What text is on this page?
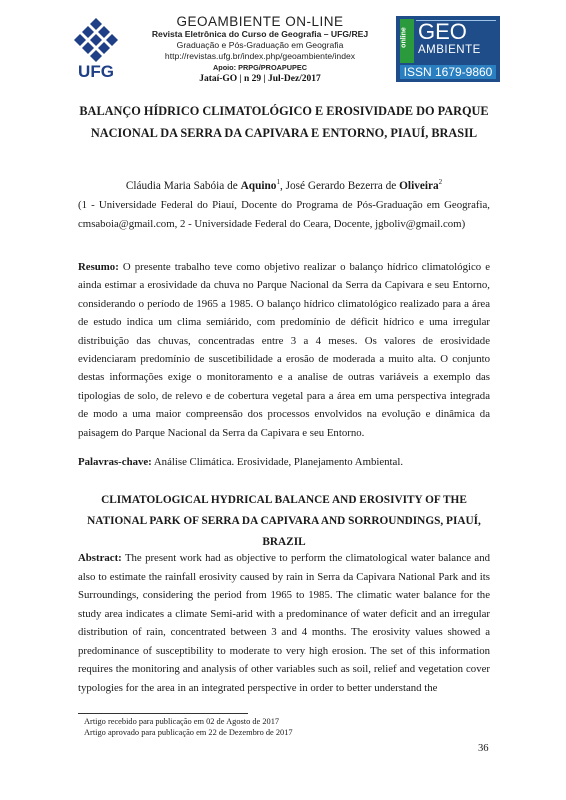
UFG
GEOAMBIENTE ON-LINE
Revista Eletrônica do Curso de Geografia – UFG/REJ
Graduação e Pós-Graduação em Geografia
http://revistas.ufg.br/index.php/geoambiente/index
Apoio: PRPG/PROAPUPEC
Jataí-GO | n 29 | Jul-Dez/2017
online GEO
AMBIENTE
ISSN 1679-9860
BALANÇO HÍDRICO CLIMATOLÓGICO E EROSIVIDADE DO PARQUE NACIONAL DA SERRA DA CAPIVARA E ENTORNO, PIAUÍ, BRASIL
Cláudia Maria Sabóia de Aquino$^1$, José Gerardo Bezerra de Oliveira$^2$
(1 - Universidade Federal do Piauí, Docente do Programa de Pós-Graduação em Geografia, cmsaboia@gmail.com, 2 - Universidade Federal do Ceara, Docente, jgboliv@gmail.com)
Resumo: O presente trabalho teve como objetivo realizar o balanço hídrico climatológico e ainda estimar a erosividade da chuva no Parque Nacional da Serra da Capivara e seu Entorno, considerando o período de 1965 a 1985. O balanço hídrico climatológico realizado para a área de estudo indica um clima semiárido, com predomínio de déficit hídrico e uma irregular distribuição das chuvas, concentradas entre 3 a 4 meses. Os valores de erosividade evidenciaram predomínio de suscetibilidade a erosão de moderada a muito alta. O conjunto destas informações exige o monitoramento e a analise de outras variáveis a exemplo das tipologias de solo, de relevo e de cobertura vegetal para a área em uma perspectiva integrada de modo a uma maior compreensão dos processos envolvidos na evolução e dinâmica da paisagem do Parque Nacional da Serra da Capivara e seu Entorno.
Palavras-chave: Análise Climática. Erosividade, Planejamento Ambiental.
CLIMATOLOGICAL HYDRICAL BALANCE AND EROSIVITY OF THE NATIONAL PARK OF SERRA DA CAPIVARA AND SORROUNDINGS, PIAUÍ, BRAZIL
Abstract: The present work had as objective to perform the climatological water balance and also to estimate the rainfall erosivity caused by rain in Serra da Capivara National Park and its Surroundings, considering the period from 1965 to 1985. The climatic water balance for the study area indicates a climate Semi-arid with a predominance of water deficit and an irregular distribution of rain, concentrated between 3 and 4 months. The erosivity values showed a predominance of susceptibility to moderate to very high erosion. The set of this information requires the monitoring and analysis of other variables such as soil, relief and vegetation cover typologies for the area in an integrated perspective in order to better understand the
Artigo recebido para publicação em 02 de Agosto de 2017
Artigo aprovado para publicação em 22 de Dezembro de 2017
36
